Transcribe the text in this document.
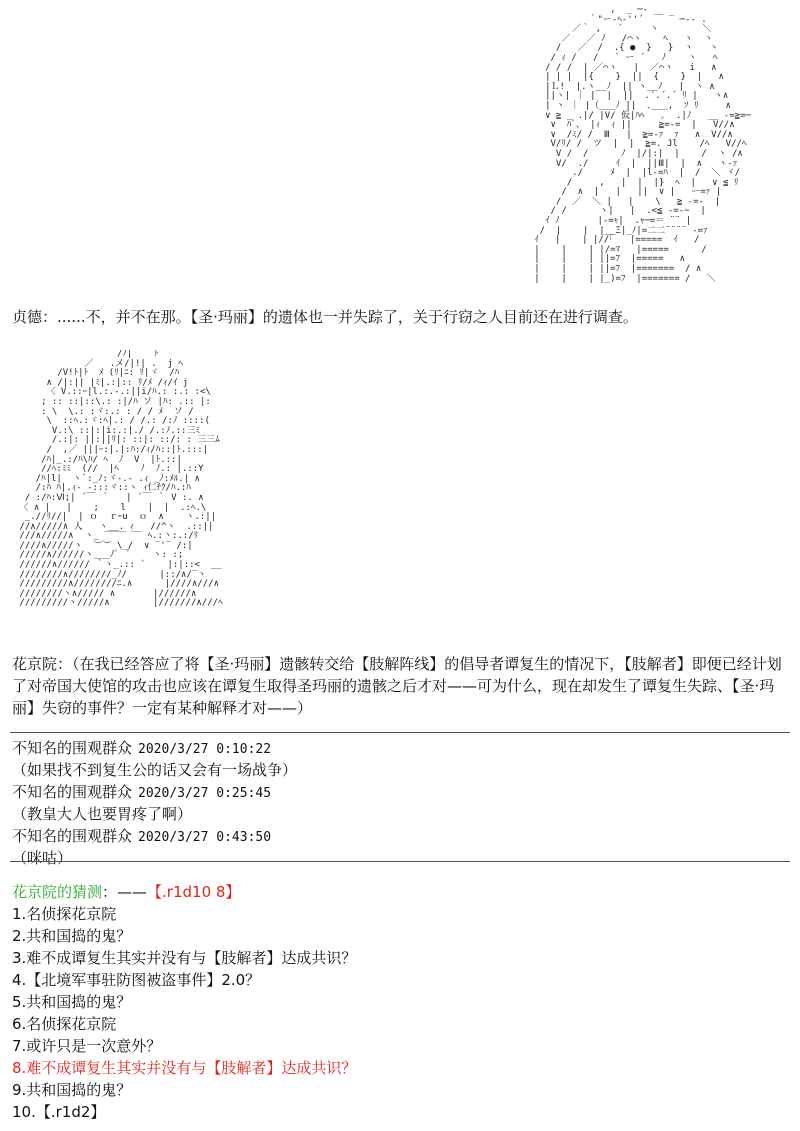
,  _ ─-
｀"ー-ﾍ-''´  ￣ ‾ ─-- .
／｀ ,   ´     ヽ        ＼
／   ／ ﾉ   /⌒ヽ    ﾍ   ヽ  ヽ
/   ／  /  .{ ●  }   }  ヽ   ヽ
/ ｨ /   /   ` ー ´   ﾉ    ヽ   ﾍ
/ / /  | ／⌒ヽ   |  ／⌒ヽ   i   ∧
| | |  |{    }  ||  {    }  |   ∧
|Ｌ!  |.ヽ__ﾉ  || ヽ__ﾉ   |  ヽ ∧
||ヽ| ｜ |  |  ||  .´.´.´ ﾘ |   ヽ∧
| ヽ ｜ |（___ﾉ ||  ､___,  ｿ ﾘ     ∧
∨ ≧ _ .|/ |V/ 仮|ﾊﾍ   ｡  .|ﾉ   __ ‐=≧=─
∨  ﾊﾞ、 |ｨ  ｨ ||     ≧=‐=  |   V//∧
∨  /ﾐ/ /  Ⅲ   |  ≧=-ｧ  ｧ   ∧  V//∧
V/ﾘ/ /  ツ  |  |  ≧=. Jl    /ﾍ   V//ﾍ
V /  /      ﾉ  |/|:|  |    /  ヽ /∧
V/  ./     ｲ  |  ||Ⅲ|  |  ∧   ヽ-ｧ
./     ﾒ  |  |l-=ﾊ  |  /  ＼ ヾ/
/     ,   |  |  |}  ﾍ  |   ∨ ≦ ﾘ
/  ∧  |   |   ||  ∨ |   ー=ｧ |
/  ／  ＼ |   |    \   ≧ ‐=‐  |
/ /      ヽ|   |  .<≦ -=‐~  |
ｲ ﾉ       |‐=ｬ|  .ｬ─=＝ ¨¨ |
/  |    |  |__Ξ|_ﾉ|=二二¨¨¨¨ ‐=ｧ
ｲ   |    | |//｢   |=====  ｲ   /
|    |    | |/=ﾏ   |=====      /
|    |    | ||=ﾌ  |=====   ∧
|    |    | ||=ﾌ  |=======  / ∧
|    |    | |_)=ﾌ  |======= /   ＼
贞德：......不，并不在那。【圣·玛丽】的遗体也一并失踪了，关于行窃之人目前还在进行调查。
/ﾉ|    ﾄ
／   .メ/|!| .  j ﾍ
/V!ﾄ|ﾄ  ﾒ (ﾘ|ﾆ: ﾘ|ヾ  /ﾊ
∧ /|:|| |ﾐ|.:|:: ﾘ/ﾒ /ｨ/ｲ j
〈 V.::ｰ|l.:.-.:||i/ﾊ.: :.: :<\
; :: ::|::\.: :|/ﾊ ソ |ﾊ: .:: |:
: \  \.: :ヾ:.: : / / ﾒ  ソ /
\  ::ﾍ.:ヾ:ﾍ|.: / /.: /:ﾉ ::::(
V.:\ ::|:|i:.:|./ /.:ﾉ.::三ﾐ
/.:|: ||:||ﾘ|: ::|: ::/: : 三三ﾑ
/  ,／ |||ｰ:|.|:ﾊ:/ｨ/ﾊ::|ﾄ.:::|
/ﾊ|_.:/ﾊ\ﾊ/ ﾍ  ﾉ  V  |ﾄ.::|
//ﾍ:ﾐﾐ  (//  |ﾍ    ﾉ  ﾉ.: |.::Y
/ﾊ|l|  ヽ`:_ﾉ:ヾ-.- .ｨ _ﾉ:ﾒﾙ.| ∧
/:ﾊ ﾊ|.ｨ- ‐:::ヾ::ヽ ｨ仁ﾁｸ/ﾊ.:ﾊ
/ :/ﾊ:Ⅵ;| ´￣ ｀   | ´￣ ｀ V :. ∧
〈 ∧ |   |    ;    l    |  |  .:ﾍ.\
_.//ﾘ//|  | ｏ  ｒｰu  ｏ  ∧    ヽ.:||
//∧/////∧ 人   ヽ__. ｨ   //^ヽ  .::||
///∧/////∧  ヽ_ ‾‾‾‾ ‾‾ ﾍ.:丶:.:/ﾘ
////∧/////ヽ  ︶︶ \_/  ∨ ‾'‾ /:|
/////∧//////ヽ___ﾉﾟ  ﾞ    ヽ: :;
//////∧////// ｀ヽ_.:: `    |:|::<  __
////////∧////////_ﾉ/      |::/∧/‾ヽ
/////////∧////////ﾆ.∧      |////∧///∧
////////ヽ∧///// ∧       |//////∧
/////////ヽ/////∧        |///////∧///ﾍ
花京院：（在我已经答应了将【圣·玛丽】遗骸转交给【肢解阵线】的倡导者谭复生的情况下，【肢解者】即便已经计划了对帝国大使馆的攻击也应该在谭复生取得圣玛丽的遗骸之后才对——可为什么，现在却发生了谭复生失踪、【圣·玛丽】失窃的事件？一定有某种解释才对——）
不知名的围观群众 2020/3/27 0:10:22
（如果找不到复生公的话又会有一场战争）
不知名的围观群众 2020/3/27 0:25:45
（教皇大人也要胃疼了啊）
不知名的围观群众 2020/3/27 0:43:50
（咪咕）
花京院的猜测：——【.r1d10 8】
1.名侦探花京院
2.共和国捣的鬼？
3.难不成谭复生其实并没有与【肢解者】达成共识？
4.【北境军事驻防图被盗事件】2.0？
5.共和国捣的鬼？
6.名侦探花京院
7.或许只是一次意外？
8.难不成谭复生其实并没有与【肢解者】达成共识？
9.共和国捣的鬼？
10.【.r1d2】
